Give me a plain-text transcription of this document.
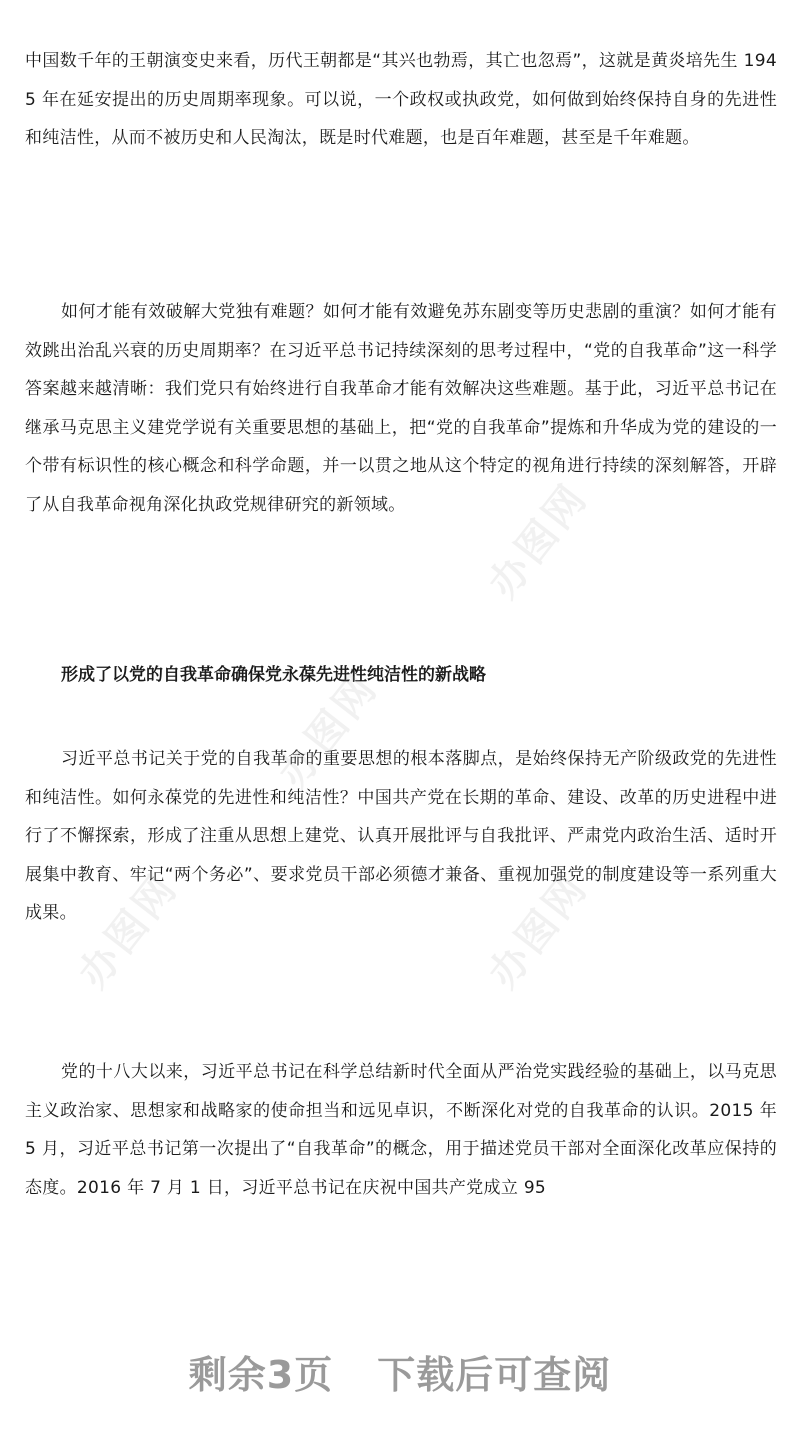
中国数千年的王朝演变史来看，历代王朝都是“其兴也勃焉，其亡也忽焉”，这就是黄炎培先生 1945 年在延安提出的历史周期率现象。可以说，一个政权或执政党，如何做到始终保持自身的先进性和纯洁性，从而不被历史和人民淘汰，既是时代难题，也是百年难题，甚至是千年难题。

如何才能有效破解大党独有难题？如何才能有效避免苏东剧变等历史悲剧的重演？如何才能有效跳出治乱兴衰的历史周期率？在习近平总书记持续深刻的思考过程中，“党的自我革命”这一科学答案越来越清晰：我们党只有始终进行自我革命才能有效解决这些难题。基于此，习近平总书记在继承马克思主义建党学说有关重要思想的基础上，把“党的自我革命”提炼和升华成为党的建设的一个带有标识性的核心概念和科学命题，并一以贯之地从这个特定的视角进行持续的深刻解答，开辟了从自我革命视角深化执政党规律研究的新领域。

形成了以党的自我革命确保党永葆先进性纯洁性的新战略

习近平总书记关于党的自我革命的重要思想的根本落脚点，是始终保持无产阶级政党的先进性和纯洁性。如何永葆党的先进性和纯洁性？中国共产党在长期的革命、建设、改革的历史进程中进行了不懈探索，形成了注重从思想上建党、认真开展批评与自我批评、严肃党内政治生活、适时开展集中教育、牢记“两个务必”、要求党员干部必须德才兼备、重视加强党的制度建设等一系列重大成果。

党的十八大以来，习近平总书记在科学总结新时代全面从严治党实践经验的基础上，以马克思主义政治家、思想家和战略家的使命担当和远见卓识，不断深化对党的自我革命的认识。2015 年 5 月，习近平总书记第一次提出了“自我革命”的概念，用于描述党员干部对全面深化改革应保持的态度。2016 年 7 月 1 日，习近平总书记在庆祝中国共产党成立 95

办图网
办图网
办图网	办图网
剩余3页 下载后可查阅
